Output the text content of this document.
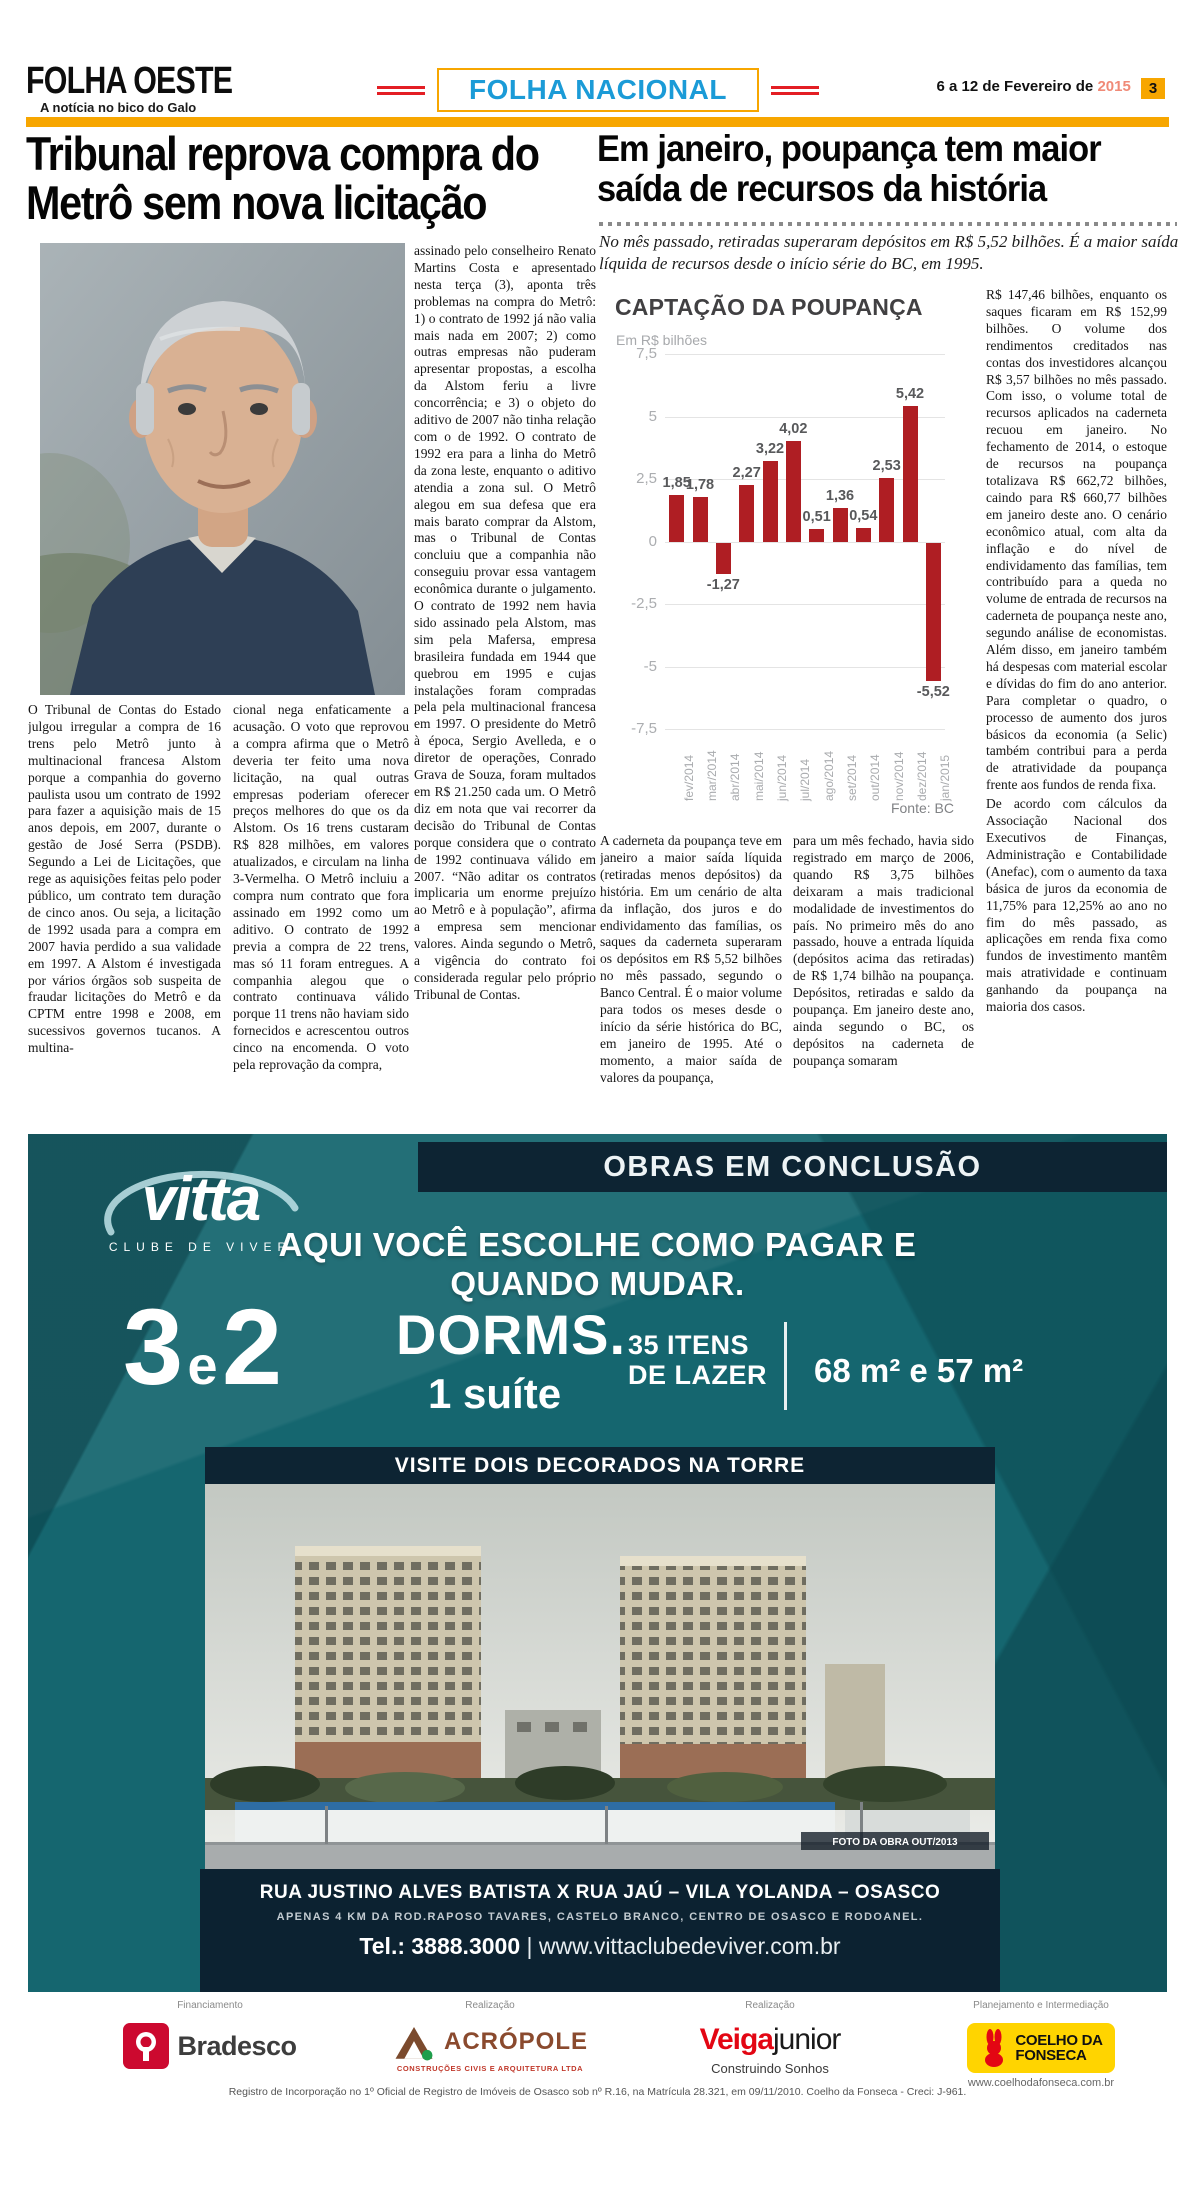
FOLHA OESTE
A notícia no bico do Galo
FOLHA NACIONAL	6 a 12 de Fevereiro de 2015 3
Tribunal reprova compra do Metrô sem nova licitação
O Tribunal de Contas do Estado julgou irregular a compra de 16 trens pelo Metrô junto à multinacional francesa Alstom porque a companhia do governo paulista usou um contrato de 1992 para fazer a aquisição mais de 15 anos depois, em 2007, durante o gestão de José Serra (PSDB). Segundo a Lei de Licitações, que rege as aquisições feitas pelo poder público, um contrato tem duração de cinco anos. Ou seja, a licitação de 1992 usada para a compra em 2007 havia perdido a sua validade em 1997. A Alstom é investigada por vários órgãos sob suspeita de fraudar licitações do Metrô e da CPTM entre 1998 e 2008, em sucessivos governos tucanos. A multina-
cional nega enfaticamente a acusação. O voto que reprovou a compra afirma que o Metrô deveria ter feito uma nova licitação, na qual outras empresas poderiam oferecer preços melhores do que os da Alstom. Os 16 trens custaram R$ 828 milhões, em valores atualizados, e circulam na linha 3-Vermelha. O Metrô incluiu a compra num contrato que fora assinado em 1992 como um aditivo. O contrato de 1992 previa a compra de 22 trens, mas só 11 foram entregues. A companhia alegou que o contrato continuava válido porque 11 trens não haviam sido fornecidos e acrescentou outros cinco na encomenda. O voto pela reprovação da compra,
assinado pelo conselheiro Renato Martins Costa e apresentado nesta terça (3), aponta três problemas na compra do Metrô: 1) o contrato de 1992 já não valia mais nada em 2007; 2) como outras empresas não puderam apresentar propostas, a escolha da Alstom feriu a livre concorrência; e 3) o objeto do aditivo de 2007 não tinha relação com o de 1992. O contrato de 1992 era para a linha do Metrô da zona leste, enquanto o aditivo atendia a zona sul. O Metrô alegou em sua defesa que era mais barato comprar da Alstom, mas o Tribunal de Contas concluiu que a companhia não conseguiu provar essa vantagem econômica durante o julgamento. O contrato de 1992 nem havia sido assinado pela Alstom, mas sim pela Mafersa, empresa brasileira fundada em 1944 que quebrou em 1995 e cujas instalações foram compradas pela pela multinacional francesa em 1997. O presidente do Metrô à época, Sergio Avelleda, e o diretor de operações, Conrado Grava de Souza, foram multados em R$ 21.250 cada um. O Metrô diz em nota que vai recorrer da decisão do Tribunal de Contas porque considera que o contrato de 1992 continuava válido em 2007. “Não aditar os contratos implicaria um enorme prejuízo ao Metrô e à população”, afirma a empresa sem mencionar valores. Ainda segundo o Metrô, a vigência do contrato foi considerada regular pelo próprio Tribunal de Contas.
Em janeiro, poupança tem maior saída de recursos da história
No mês passado, retiradas superaram depósitos em R$ 5,52 bilhões. É a maior saída líquida de recursos desde o início série do BC, em 1995.
CAPTAÇÃO DA POUPANÇA
Em R$ bilhões
1,85
fev/2014
1,78
mar/2014
-1,27
abr/2014
2,27
mai/2014
3,22
jun/2014
4,02
jul/2014
0,51
ago/2014
1,36
set/2014
0,54
out/2014
2,53
nov/2014
5,42
dez/2014
-5,52
jan/2015
Fonte: BC
7,5
5
2,5
0
-2,5
-5
-7,5
A caderneta da poupança teve em janeiro a maior saída líquida (retiradas menos depósitos) da história. Em um cenário de alta da inflação, dos juros e do endividamento das famílias, os saques da caderneta superaram os depósitos em R$ 5,52 bilhões no mês passado, segundo o Banco Central. É o maior volume para todos os meses desde o início da série histórica do BC, em janeiro de 1995. Até o momento, a maior saída de valores da poupança,
para um mês fechado, havia sido registrado em março de 2006, quando R$ 3,75 bilhões deixaram a mais tradicional modalidade de investimentos do país. No primeiro mês do ano passado, houve a entrada líquida (depósitos acima das retiradas) de R$ 1,74 bilhão na poupança. Depósitos, retiradas e saldo da poupança. Em janeiro deste ano, ainda segundo o BC, os depósitos na caderneta de poupança somaram

R$ 147,46 bilhões, enquanto os saques ficaram em R$ 152,99 bilhões. O volume dos rendimentos creditados nas contas dos investidores alcançou R$ 3,57 bilhões no mês passado. Com isso, o volume total de recursos aplicados na caderneta recuou em janeiro. No fechamento de 2014, o estoque de recursos na poupança totalizava R$ 662,72 bilhões, caindo para R$ 660,77 bilhões em janeiro deste ano. O cenário econômico atual, com alta da inflação e do nível de endividamento das famílias, tem contribuído para a queda no volume de entrada de recursos na caderneta de poupança neste ano, segundo análise de economistas. Além disso, em janeiro também há despesas com material escolar e dívidas do fim do ano anterior. Para completar o quadro, o processo de aumento dos juros básicos da economia (a Selic) também contribui para a perda de atratividade da poupança frente aos fundos de renda fixa.

De acordo com cálculos da Associação Nacional dos Executivos de Finanças, Administração e Contabilidade (Anefac), com o aumento da taxa básica de juros da economia de 11,75% para 12,25% ao ano no fim do mês passado, as aplicações em renda fixa como fundos de investimento mantêm mais atratividade e continuam ganhando da poupança na maioria dos casos.

OBRAS EM CONCLUSÃO
vitta
CLUBE DE VIVER
AQUI VOCÊ ESCOLHE COMO PAGAR E
QUANDO MUDAR.
3 e 2 DORMS.
1 suíte
35 ITENS
DE LAZER 68 m² e 57 m²
VISITE DOIS DECORADOS NA TORRE
FOTO DA OBRA OUT/2013
RUA JUSTINO ALVES BATISTA X RUA JAÚ – VILA YOLANDA – OSASCO
APENAS 4 KM DA ROD.RAPOSO TAVARES, CASTELO BRANCO, CENTRO DE OSASCO E RODOANEL.
Tel.: 3888.3000 | www.vittaclubedeviver.com.br
Financiamento
Bradesco
Realização
ACRÓPOLE
CONSTRUÇÕES CIVIS E ARQUITETURA LTDA
Realização
Veigajunior
Construindo Sonhos
Planejamento e Intermediação
COELHO DA
FONSECA
www.coelhodafonseca.com.br
Registro de Incorporação no 1º Oficial de Registro de Imóveis de Osasco sob nº R.16, na Matrícula 28.321, em 09/11/2010. Coelho da Fonseca - Creci: J-961.
